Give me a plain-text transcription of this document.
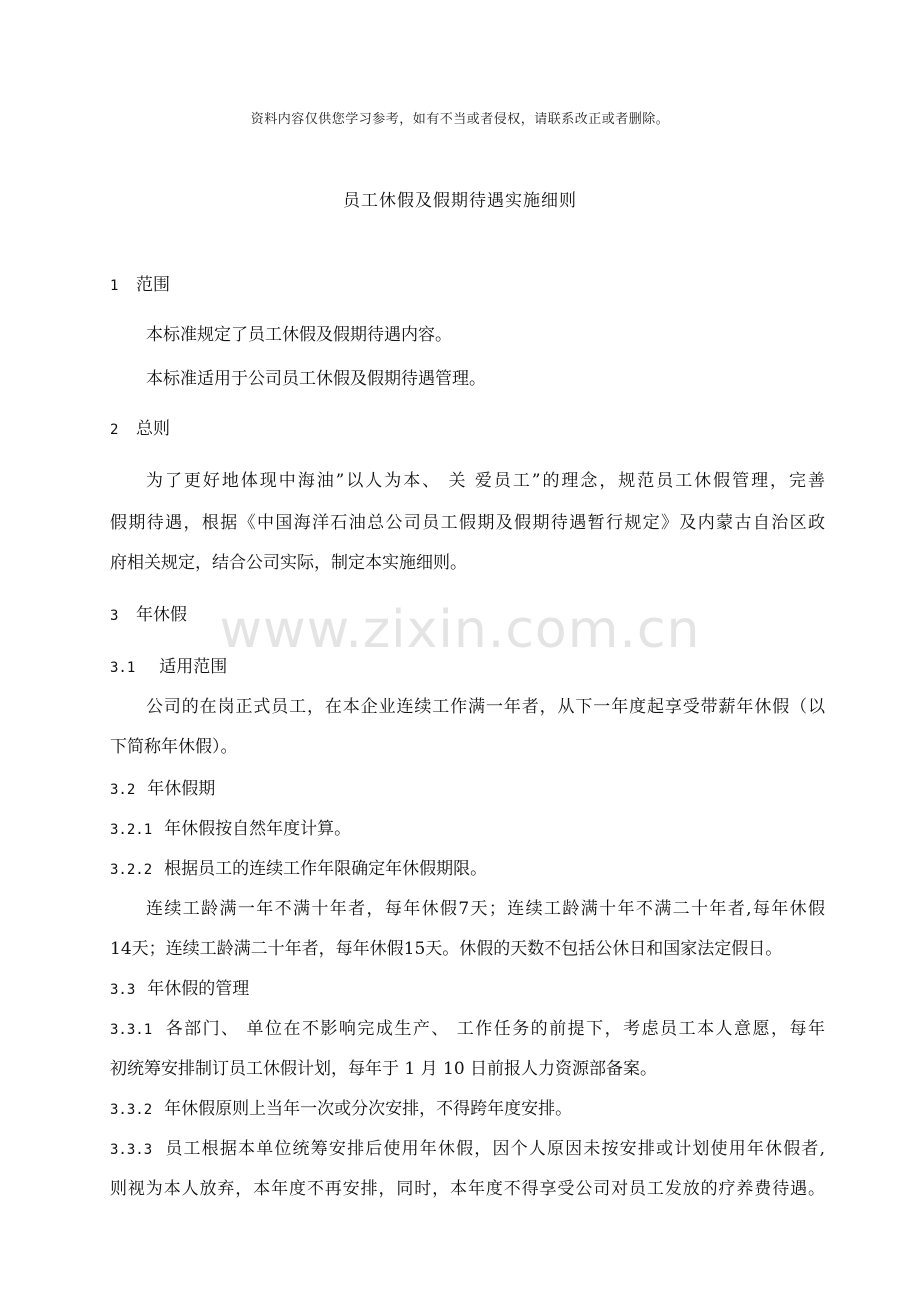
资料内容仅供您学习参考，如有不当或者侵权，请联系改正或者删除。
员工休假及假期待遇实施细则
www.zixin.com.cn
1 范围
本标准规定了员工休假及假期待遇内容。
本标准适用于公司员工休假及假期待遇管理。
2 总则
为了更好地体现中海油”以人为本、 关 爱员工”的理念，规范员工休假管理，完善
假期待遇，根据《中国海洋石油总公司员工假期及假期待遇暂行规定》及内蒙古自治区政
府相关规定，结合公司实际，制定本实施细则。
3 年休假
3.1 适用范围
公司的在岗正式员工，在本企业连续工作满一年者，从下一年度起享受带薪年休假（以
下简称年休假）。
3.2 年休假期
3.2.1 年休假按自然年度计算。
3.2.2 根据员工的连续工作年限确定年休假期限。
连续工龄满一年不满十年者，每年休假7天；连续工龄满十年不满二十年者,每年休假
14天；连续工龄满二十年者，每年休假15天。休假的天数不包括公休日和国家法定假日。
3.3 年休假的管理
3.3.1 各部门、 单位在不影响完成生产、 工作任务的前提下，考虑员工本人意愿，每年
初统筹安排制订员工休假计划，每年于 1 月 10 日前报人力资源部备案。
3.3.2 年休假原则上当年一次或分次安排，不得跨年度安排。
3.3.3 员工根据本单位统筹安排后使用年休假，因个人原因未按安排或计划使用年休假者,
则视为本人放弃，本年度不再安排，同时，本年度不得享受公司对员工发放的疗养费待遇。
